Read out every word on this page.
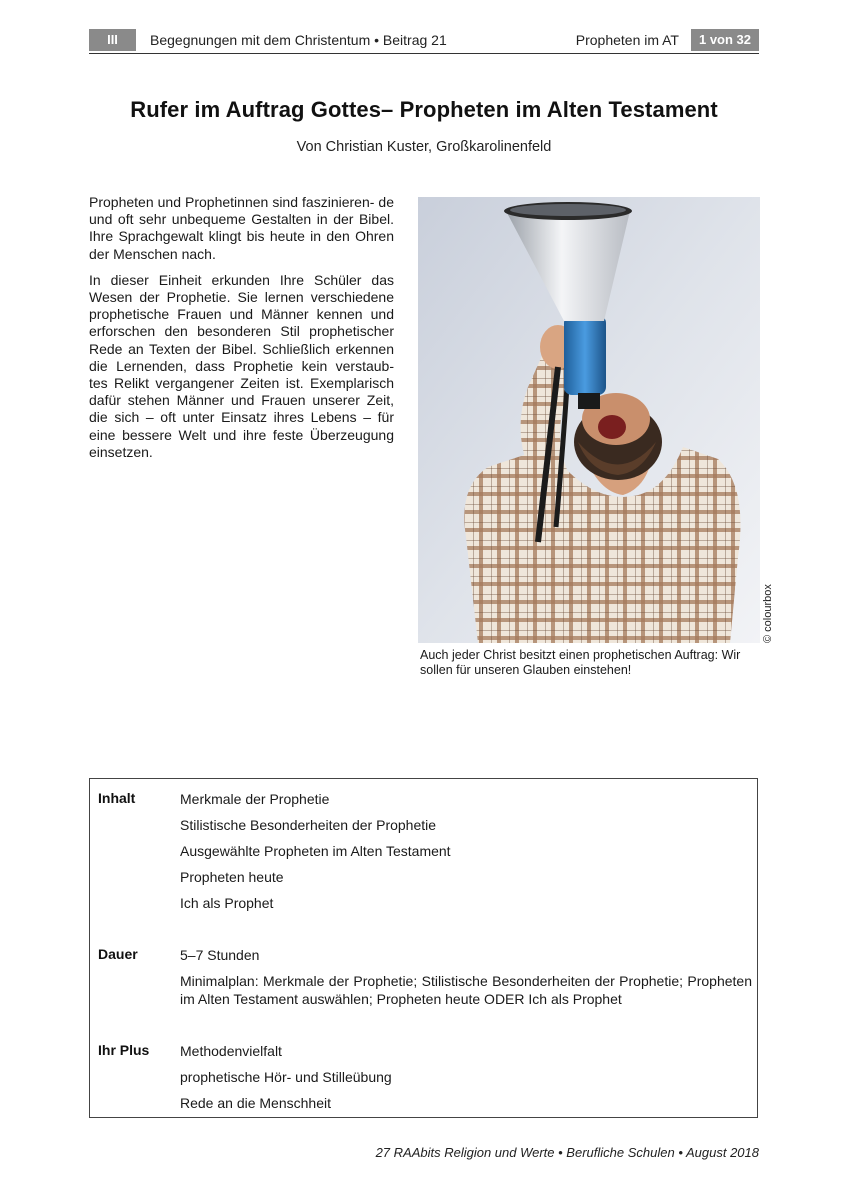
III	Begegnungen mit dem Christentum • Beitrag 21	Propheten im AT	1 von 32
Rufer im Auftrag Gottes– Propheten im Alten Testament
Von Christian Kuster, Großkarolinenfeld

Propheten und Prophetinnen sind faszinieren- de und oft sehr unbequeme Gestalten in der Bibel. Ihre Sprachgewalt klingt bis heute in den Ohren der Menschen nach.

In dieser Einheit erkunden Ihre Schüler das Wesen der Prophetie. Sie lernen verschiedene prophetische Frauen und Männer kennen und erforschen den besonderen Stil prophetischer Rede an Texten der Bibel. Schließlich erkennen die Lernenden, dass Prophetie kein verstaub- tes Relikt vergangener Zeiten ist. Exemplarisch dafür stehen Männer und Frauen unserer Zeit, die sich – oft unter Einsatz ihres Lebens – für eine bessere Welt und ihre feste Überzeugung einsetzen.

© colourbox
Auch jeder Christ besitzt einen prophetischen Auftrag: Wir sollen für unseren Glauben einstehen!
Inhalt	Merkmale der Prophetie
Stilistische Besonderheiten der Prophetie
Ausgewählte Propheten im Alten Testament
Propheten heute
Ich als Prophet
Dauer	5–7 Stunden
Minimalplan: Merkmale der Prophetie; Stilistische Besonderheiten der Prophetie; Propheten im Alten Testament auswählen; Propheten heute ODER Ich als Prophet
Ihr Plus Methodenvielfalt
prophetische Hör- und Stilleübung
Rede an die Menschheit
27 RAAbits Religion und Werte • Berufliche Schulen • August 2018
